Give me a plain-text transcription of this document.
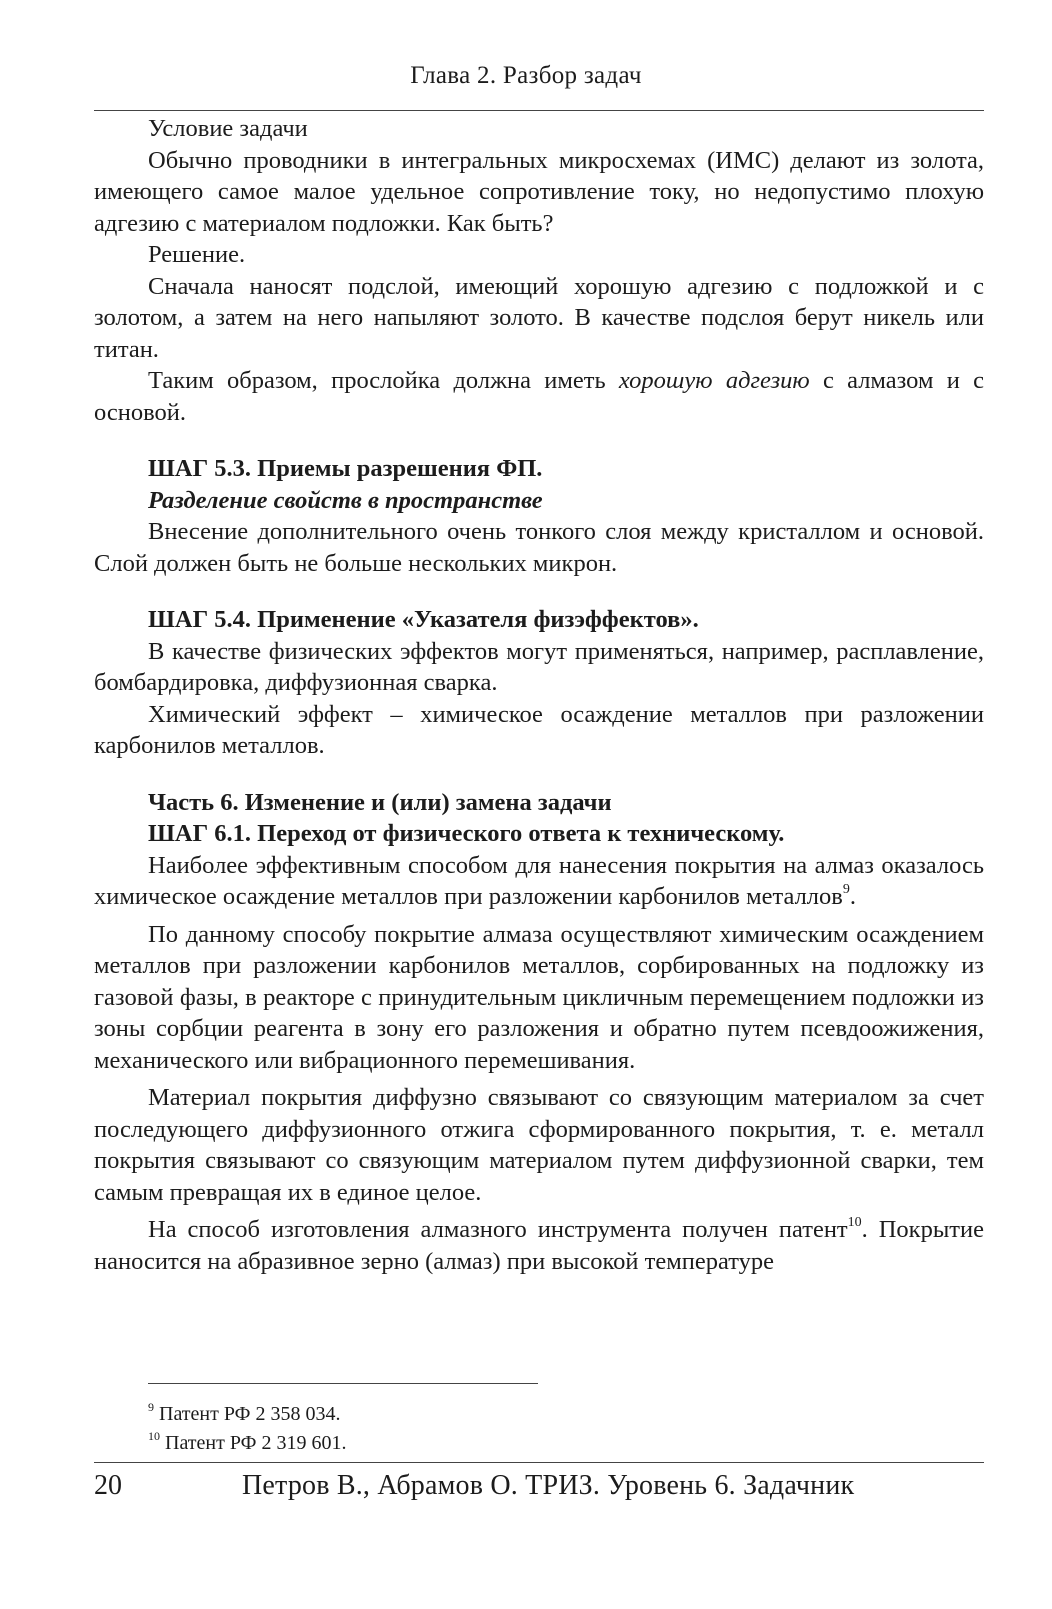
Глава 2. Разбор задач

Условие задачи

Обычно проводники в интегральных микросхемах (ИМС) делают из золота, имеющего самое малое удельное сопротивление току, но недопустимо плохую адгезию с материалом подложки. Как быть?

Решение.

Сначала наносят подслой, имеющий хорошую адгезию с подложкой и с золотом, а затем на него напыляют золото. В качестве подслоя берут никель или титан.

Таким образом, прослойка должна иметь хорошую адгезию с алмазом и с основой.

ШАГ 5.3. Приемы разрешения ФП.
Разделение свойств в пространстве

Внесение дополнительного очень тонкого слоя между кристаллом и основой. Слой должен быть не больше нескольких микрон.

ШАГ 5.4. Применение «Указателя физэффектов».

В качестве физических эффектов могут применяться, например, расплавление, бомбардировка, диффузионная сварка.

Химический эффект – химическое осаждение металлов при разложении карбонилов металлов.

Часть 6. Изменение и (или) замена задачи
ШАГ 6.1. Переход от физического ответа к техническому.

Наиболее эффективным способом для нанесения покрытия на алмаз оказалось химическое осаждение металлов при разложении карбонилов металлов$^9$.

По данному способу покрытие алмаза осуществляют химическим осаждением металлов при разложении карбонилов металлов, сорбированных на подложку из газовой фазы, в реакторе с принудительным цикличным перемещением подложки из зоны сорбции реагента в зону его разложения и обратно путем псевдоожижения, механического или вибрационного перемешивания.

Материал покрытия диффузно связывают со связующим материалом за счет последующего диффузионного отжига сформированного покрытия, т. е. металл покрытия связывают со связующим материалом путем диффузионной сварки, тем самым превращая их в единое целое.

На способ изготовления алмазного инструмента получен патент$^{10}$. Покрытие наносится на абразивное зерно (алмаз) при высокой температуре

$^9$ Патент РФ 2 358 034.
$^{10}$ Патент РФ 2 319 601.
20	Петров В., Абрамов О. ТРИЗ. Уровень 6. Задачник
